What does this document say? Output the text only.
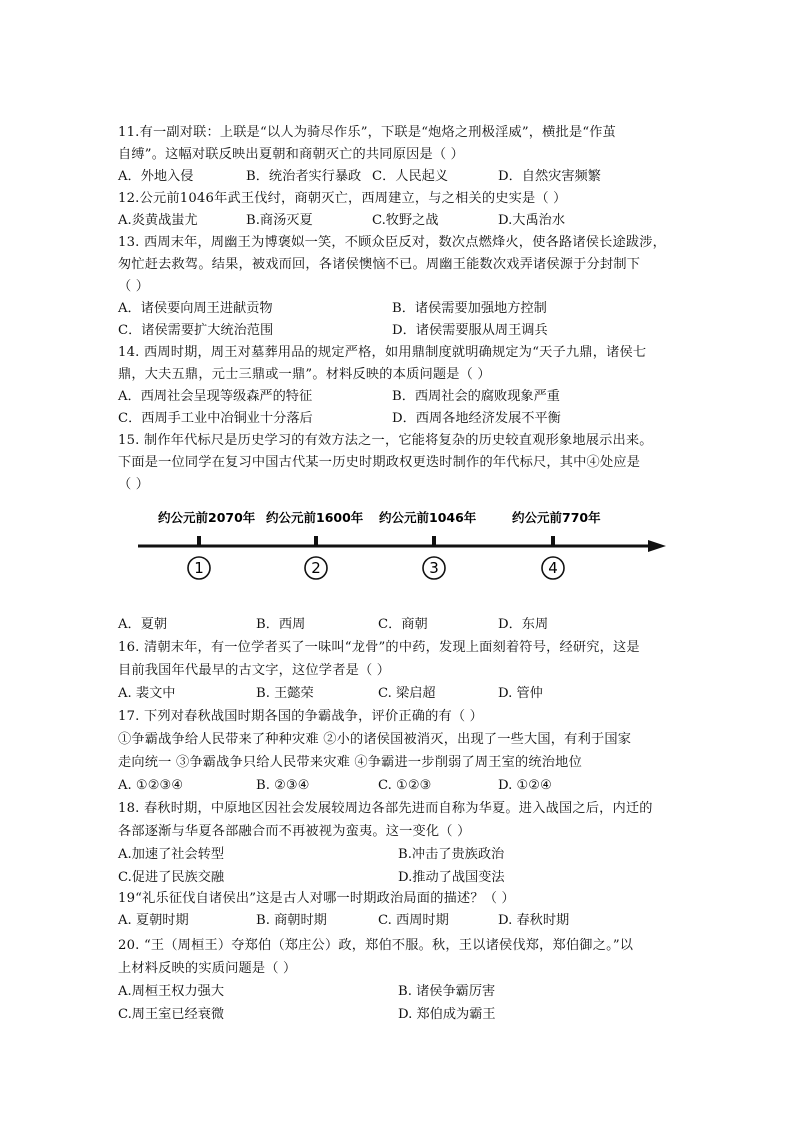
11.有一副对联：上联是“以人为骑尽作乐”，下联是“炮烙之刑极淫威”，横批是“作茧
自缚”。这幅对联反映出夏朝和商朝灭亡的共同原因是（ ）
A．外地入侵	B．统治者实行暴政 C．人民起义	D．自然灾害频繁
12.公元前1046年武王伐纣，商朝灭亡，西周建立，与之相关的史实是（ ）
A.炎黄战蚩尤	B.商汤灭夏	C.牧野之战	D.大禹治水
13. 西周末年，周幽王为博褒姒一笑，不顾众臣反对，数次点燃烽火，使各路诸侯长途跋涉，
匆忙赶去救驾。结果，被戏而回，各诸侯懊恼不已。周幽王能数次戏弄诸侯源于分封制下
（ ）
A．诸侯要向周王进献贡物	B．诸侯需要加强地方控制
C．诸侯需要扩大统治范围	D．诸侯需要服从周王调兵
14. 西周时期，周王对墓葬用品的规定严格，如用鼎制度就明确规定为“天子九鼎，诸侯七
鼎，大夫五鼎，元士三鼎或一鼎”。材料反映的本质问题是（ ）
A．西周社会呈现等级森严的特征	B．西周社会的腐败现象严重
C．西周手工业中冶铜业十分落后	D．西周各地经济发展不平衡
15. 制作年代标尺是历史学习的有效方法之一，它能将复杂的历史较直观形象地展示出来。
下面是一位同学在复习中国古代某一历史时期政权更迭时制作的年代标尺，其中④处应是
（ ）
约公元前2070年 约公元前1600年 约公元前1046年	约公元前770年
A．夏朝	B．西周	C．商朝	D．东周
16. 清朝末年，有一位学者买了一味叫“龙骨”的中药，发现上面刻着符号，经研究，这是
目前我国年代最早的古文字，这位学者是（ ）
A. 裴文中	B. 王懿荣	C. 梁启超	D. 管仲
17. 下列对春秋战国时期各国的争霸战争，评价正确的有（ ）
①争霸战争给人民带来了种种灾难 ②小的诸侯国被消灭，出现了一些大国，有利于国家
走向统一 ③争霸战争只给人民带来灾难 ④争霸进一步削弱了周王室的统治地位
A. ①②③④	B. ②③④	C. ①②③	D. ①②④
18. 春秋时期，中原地区因社会发展较周边各部先进而自称为华夏。进入战国之后，内迁的
各部逐渐与华夏各部融合而不再被视为蛮夷。这一变化（ ）
A.加速了社会转型	B.冲击了贵族政治
C.促进了民族交融	D.推动了战国变法
19“礼乐征伐自诸侯出”这是古人对哪一时期政治局面的描述？（ ）
A. 夏朝时期	B. 商朝时期	C. 西周时期	D. 春秋时期
20. “王（周桓王）夺郑伯（郑庄公）政，郑伯不服。秋，王以诸侯伐郑，郑伯御之。”以
上材料反映的实质问题是（ ）
A.周桓王权力强大	B. 诸侯争霸厉害
C.周王室已经衰微	D. 郑伯成为霸王
1	2	3	4
